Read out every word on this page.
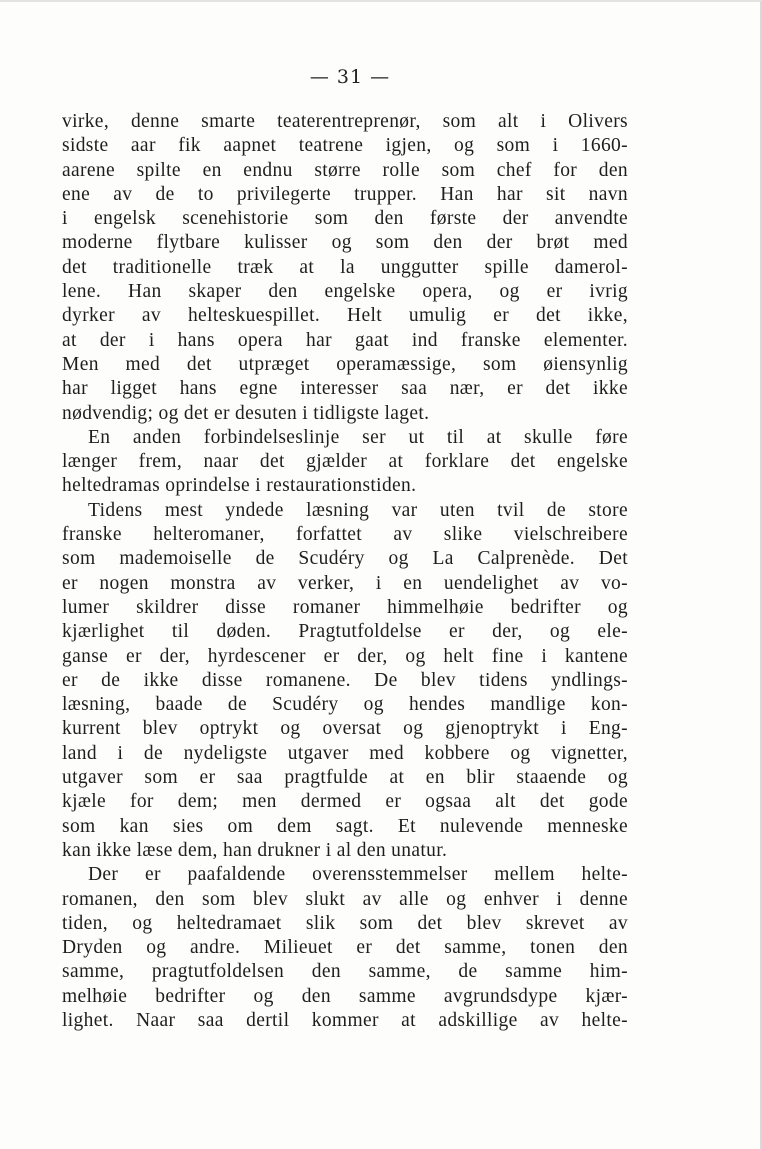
— 31 —
virke, denne smarte teaterentreprenør, som alt i Olivers
sidste aar fik aapnet teatrene igjen, og som i 1660-
aarene spilte en endnu større rolle som chef for den
ene av de to privilegerte trupper. Han har sit navn
i engelsk scenehistorie som den første der anvendte
moderne flytbare kulisser og som den der brøt med
det traditionelle træk at la unggutter spille damerol-
lene. Han skaper den engelske opera, og er ivrig
dyrker av helteskuespillet. Helt umulig er det ikke,
at der i hans opera har gaat ind franske elementer.
Men med det utpræget operamæssige, som øiensynlig
har ligget hans egne interesser saa nær, er det ikke
nødvendig; og det er desuten i tidligste laget.
En anden forbindelseslinje ser ut til at skulle føre
længer frem, naar det gjælder at forklare det engelske
heltedramas oprindelse i restaurationstiden.
Tidens mest yndede læsning var uten tvil de store
franske helteromaner, forfattet av slike vielschreibere
som mademoiselle de Scudéry og La Calprenède. Det
er nogen monstra av verker, i en uendelighet av vo-
lumer skildrer disse romaner himmelhøie bedrifter og
kjærlighet til døden. Pragtutfoldelse er der, og ele-
ganse er der, hyrdescener er der, og helt fine i kantene
er de ikke disse romanene. De blev tidens yndlings-
læsning, baade de Scudéry og hendes mandlige kon-
kurrent blev optrykt og oversat og gjenoptrykt i Eng-
land i de nydeligste utgaver med kobbere og vignetter,
utgaver som er saa pragtfulde at en blir staaende og
kjæle for dem; men dermed er ogsaa alt det gode
som kan sies om dem sagt. Et nulevende menneske
kan ikke læse dem, han drukner i al den unatur.
Der er paafaldende overensstemmelser mellem helte-
romanen, den som blev slukt av alle og enhver i denne
tiden, og heltedramaet slik som det blev skrevet av
Dryden og andre. Milieuet er det samme, tonen den
samme, pragtutfoldelsen den samme, de samme him-
melhøie bedrifter og den samme avgrundsdype kjær-
lighet. Naar saa dertil kommer at adskillige av helte-
